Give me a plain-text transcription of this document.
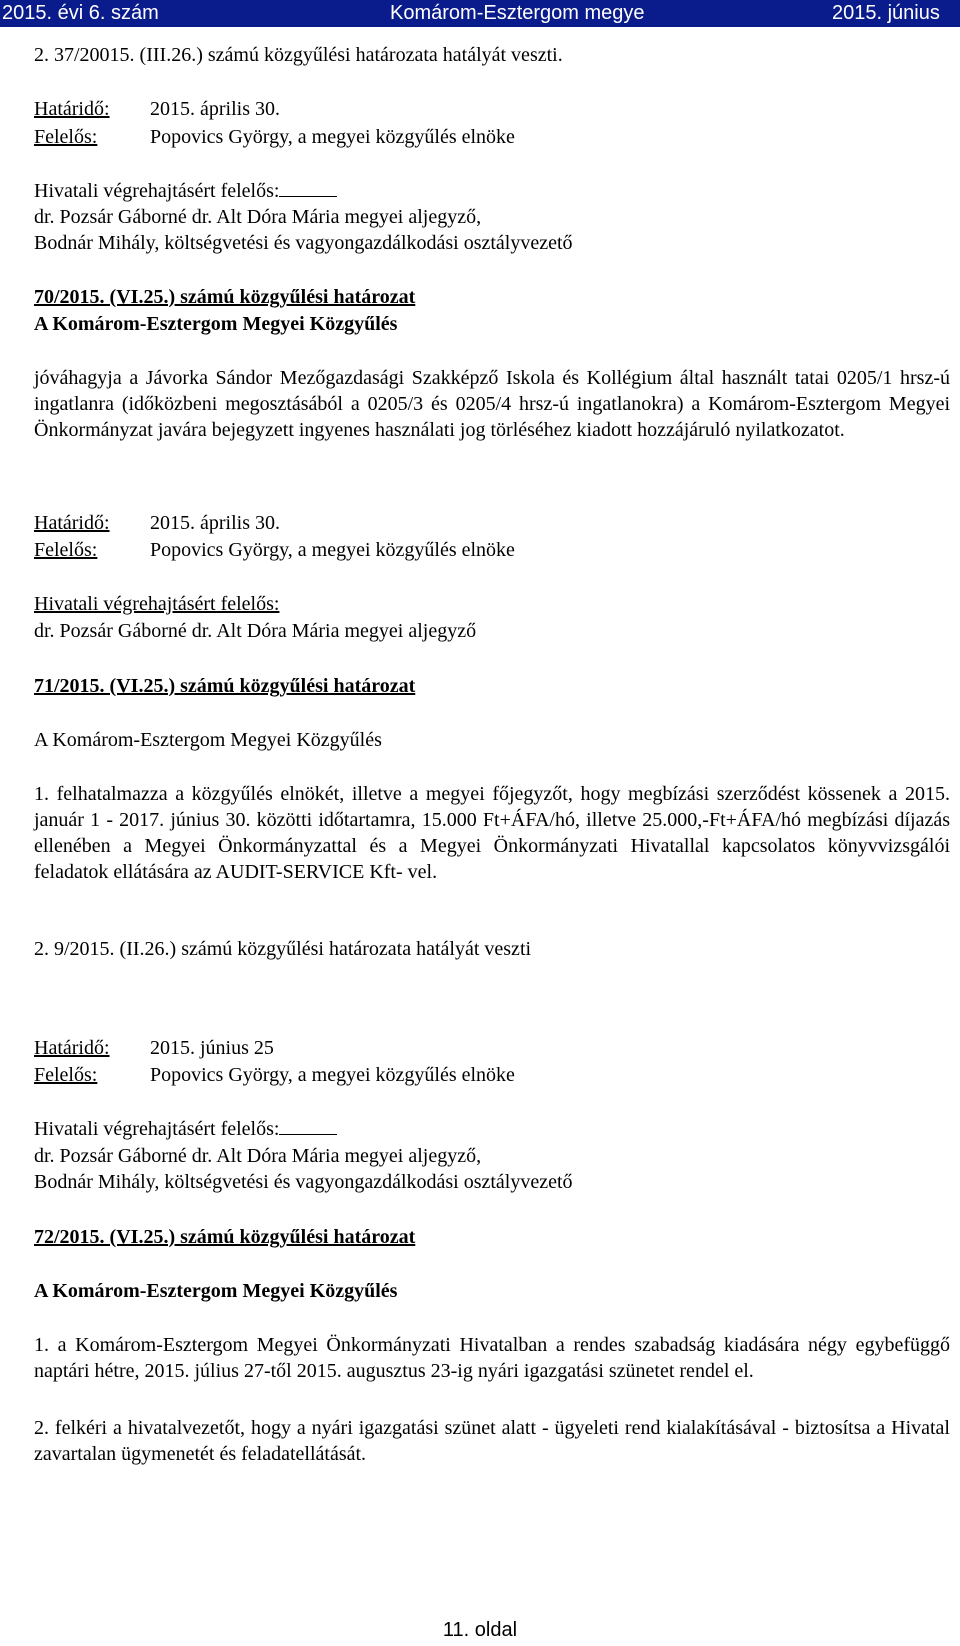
2015. évi 6. szám	Komárom-Esztergom megye	2015. június
2. 37/20015. (III.26.) számú közgyűlési határozata hatályát veszti.
Határidő: 2015. április 30.
Felelős:	Popovics György, a megyei közgyűlés elnöke
Hivatali végrehajtásért felelős:
dr. Pozsár Gáborné dr. Alt Dóra Mária megyei aljegyző,
Bodnár Mihály, költségvetési és vagyongazdálkodási osztályvezető
70/2015. (VI.25.) számú közgyűlési határozat
A Komárom-Esztergom Megyei Közgyűlés
jóváhagyja a Jávorka Sándor Mezőgazdasági Szakképző Iskola és Kollégium által használt tatai 0205/1 hrsz-ú ingatlanra (időközbeni megosztásából a 0205/3 és 0205/4 hrsz-ú ingatlanokra) a Komárom-Esztergom Megyei Önkormányzat javára bejegyzett ingyenes használati jog törléséhez kiadott hozzájáruló nyilatkozatot.
Határidő: 2015. április 30.
Felelős:	Popovics György, a megyei közgyűlés elnöke
Hivatali végrehajtásért felelős:
dr. Pozsár Gáborné dr. Alt Dóra Mária megyei aljegyző
71/2015. (VI.25.) számú közgyűlési határozat
A Komárom-Esztergom Megyei Közgyűlés
1. felhatalmazza a közgyűlés elnökét, illetve a megyei főjegyzőt, hogy megbízási szerződést kössenek a 2015. január 1 - 2017. június 30. közötti időtartamra, 15.000 Ft+ÁFA/hó, illetve 25.000,-Ft+ÁFA/hó megbízási díjazás ellenében a Megyei Önkormányzattal és a Megyei Önkormányzati Hivatallal kapcsolatos könyvvizsgálói feladatok ellátására az AUDIT-SERVICE Kft- vel.
2. 9/2015. (II.26.) számú közgyűlési határozata hatályát veszti
Határidő: 2015. június 25
Felelős:	Popovics György, a megyei közgyűlés elnöke
Hivatali végrehajtásért felelős:
dr. Pozsár Gáborné dr. Alt Dóra Mária megyei aljegyző,
Bodnár Mihály, költségvetési és vagyongazdálkodási osztályvezető
72/2015. (VI.25.) számú közgyűlési határozat
A Komárom-Esztergom Megyei Közgyűlés
1. a Komárom-Esztergom Megyei Önkormányzati Hivatalban a rendes szabadság kiadására négy egybefüggő naptári hétre, 2015. július 27-től 2015. augusztus 23-ig nyári igazgatási szünetet rendel el.
2. felkéri a hivatalvezetőt, hogy a nyári igazgatási szünet alatt - ügyeleti rend kialakításával - biztosítsa a Hivatal zavartalan ügymenetét és feladatellátását.
11. oldal
